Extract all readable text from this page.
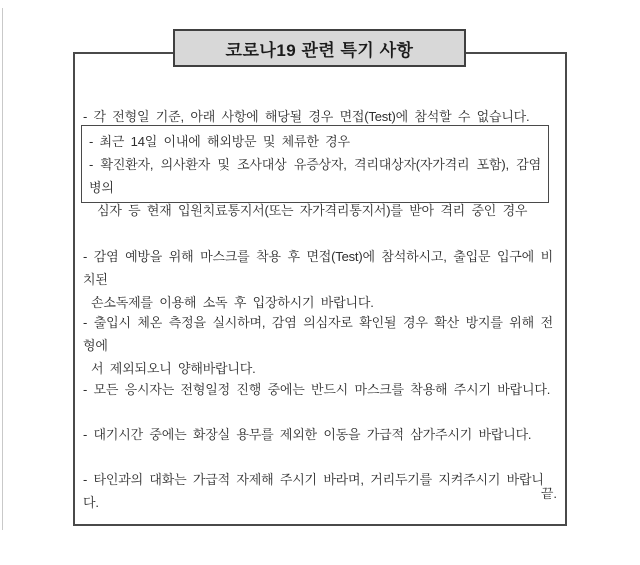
- 각 전형일 기준, 아래 사항에 해당될 경우 면접(Test)에 참석할 수 없습니다.

- 최근 14일 이내에 해외방문 및 체류한 경우
- 확진환자, 의사환자 및 조사대상 유증상자, 격리대상자(자가격리 포함), 감염병의
심자 등 현재 입원치료통지서(또는 자가격리통지서)를 받아 격리 중인 경우

- 감염 예방을 위해 마스크를 착용 후 면접(Test)에 참석하시고, 출입문 입구에 비치된
손소독제를 이용해 소독 후 입장하시기 바랍니다.

- 출입시 체온 측정을 실시하며, 감염 의심자로 확인될 경우 확산 방지를 위해 전형에
서 제외되오니 양해바랍니다.

- 모든 응시자는 전형일정 진행 중에는 반드시 마스크를 착용해 주시기 바랍니다.

- 대기시간 중에는 화장실 용무를 제외한 이동을 가급적 삼가주시기 바랍니다.

- 타인과의 대화는 가급적 자제해 주시기 바라며, 거리두기를 지켜주시기 바랍니다.

끝.
코로나19 관련 특기 사항
